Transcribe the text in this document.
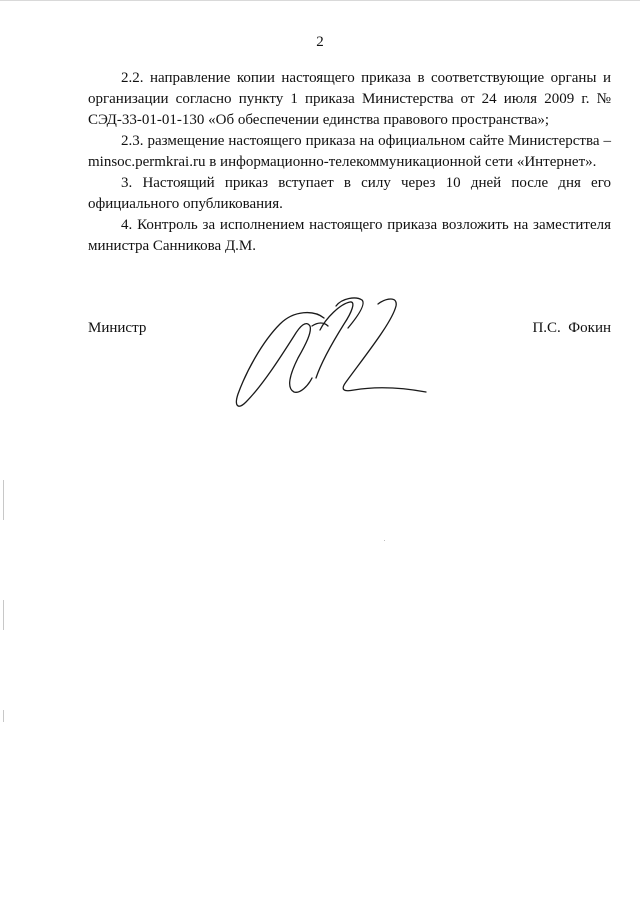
2

2.2. направление копии настоящего приказа в соответствующие органы и организации согласно пункту 1 приказа Министерства от 24 июля 2009 г. № СЭД-33-01-01-130 «Об обеспечении единства правового пространства»;

2.3. размещение настоящего приказа на официальном сайте Министерства – minsoc.permkrai.ru в информационно-телекоммуникационной сети «Интернет».

3. Настоящий приказ вступает в силу через 10 дней после дня его официального опубликования.

4. Контроль за исполнением настоящего приказа возложить на заместителя министра Санникова Д.М.

Министр	П.С.  Фокин
